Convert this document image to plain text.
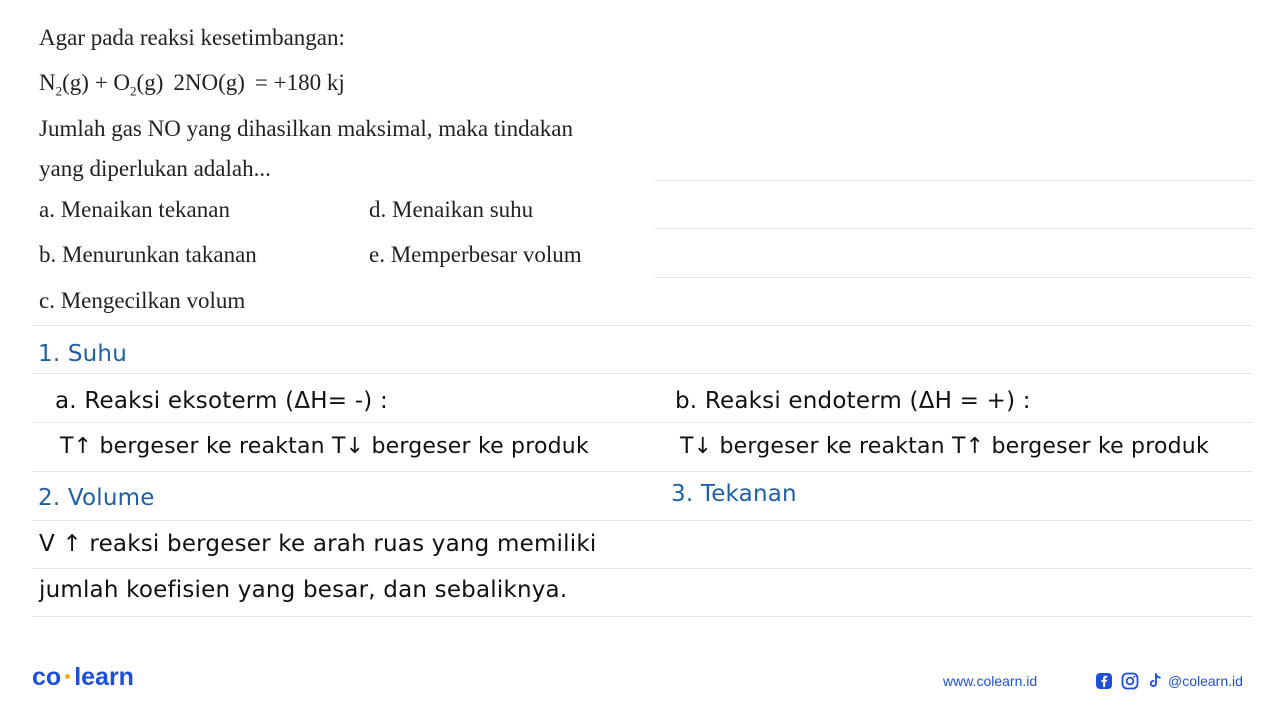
Agar pada reaksi kesetimbangan:
$N_2(g) + O_2(g) 2NO(g) = +180$ kj
Jumlah gas NO yang dihasilkan maksimal, maka tindakan
yang diperlukan adalah...
a. Menaikan tekanan
b. Menurunkan takanan
c. Mengecilkan volum
d. Menaikan suhu
e. Memperbesar volum
1. Suhu
a. Reaksi eksoterm (ΔH= -) :	b. Reaksi endoterm (ΔH = +) :
T↑ bergeser ke reaktan T↓ bergeser ke produk	T↓ bergeser ke reaktan T↑ bergeser ke produk
2. Volume	3. Tekanan
V ↑ reaksi bergeser ke arah ruas yang memiliki
jumlah koefisien yang besar, dan sebaliknya.
co learn	www.colearn.id	@colearn.id
